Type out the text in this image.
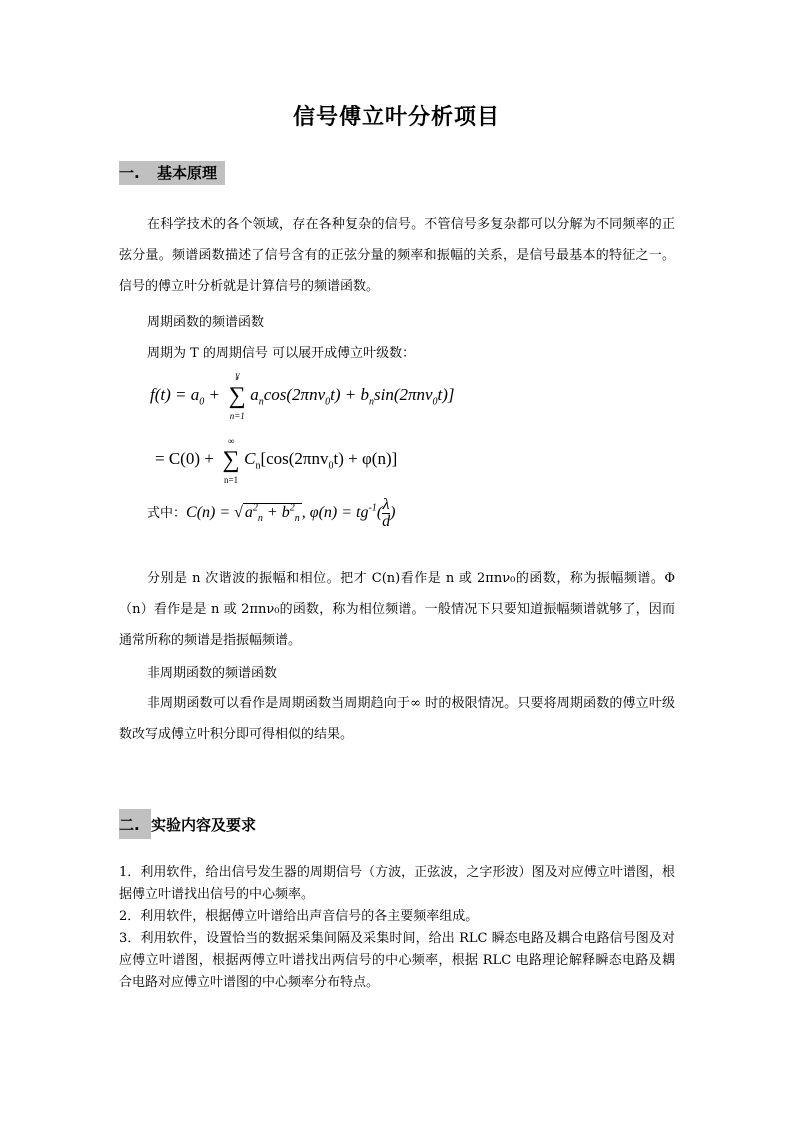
信号傅立叶分析项目
一. 基本原理
在科学技术的各个领域，存在各种复杂的信号。不管信号多复杂都可以分解为不同频率的正弦分量。频谱函数描述了信号含有的正弦分量的频率和振幅的关系，是信号最基本的特征之一。信号的傅立叶分析就是计算信号的频谱函数。
周期函数的频谱函数
周期为 T 的周期信号 可以展开成傅立叶级数：
$f(t) = a_0$ +
¥
∑
n=1
$a_n\cos(2\pi nv_0t) + b_n\sin(2\pi nv_0t)$]
= C(0) +
∞
∑
n=1
$C_n[\cos(2\pi nv_0t) + \varphi(n)]$
式中：C(n) = √ $a^2_n + b^2_n$ , $\varphi(n) = tg^{-1}( \frac{\lambda}{d}$ )
分别是 n 次谐波的振幅和相位。把才 C(n)看作是 n 或 2πnν₀的函数，称为振幅频谱。Φ（n）看作是是 n 或 2πnν₀的函数，称为相位频谱。一般情况下只要知道振幅频谱就够了，因而通常所称的频谱是指振幅频谱。
非周期函数的频谱函数
非周期函数可以看作是周期函数当周期趋向于∞ 时的极限情况。只要将周期函数的傅立叶级数改写成傅立叶积分即可得相似的结果。
二. 实验内容及要求

1．利用软件，给出信号发生器的周期信号（方波，正弦波，之字形波）图及对应傅立叶谱图，根据傅立叶谱找出信号的中心频率。

2．利用软件，根据傅立叶谱给出声音信号的各主要频率组成。

3．利用软件，设置恰当的数据采集间隔及采集时间，给出 RLC 瞬态电路及耦合电路信号图及对应傅立叶谱图，根据两傅立叶谱找出两信号的中心频率，根据 RLC 电路理论解释瞬态电路及耦合电路对应傅立叶谱图的中心频率分布特点。
